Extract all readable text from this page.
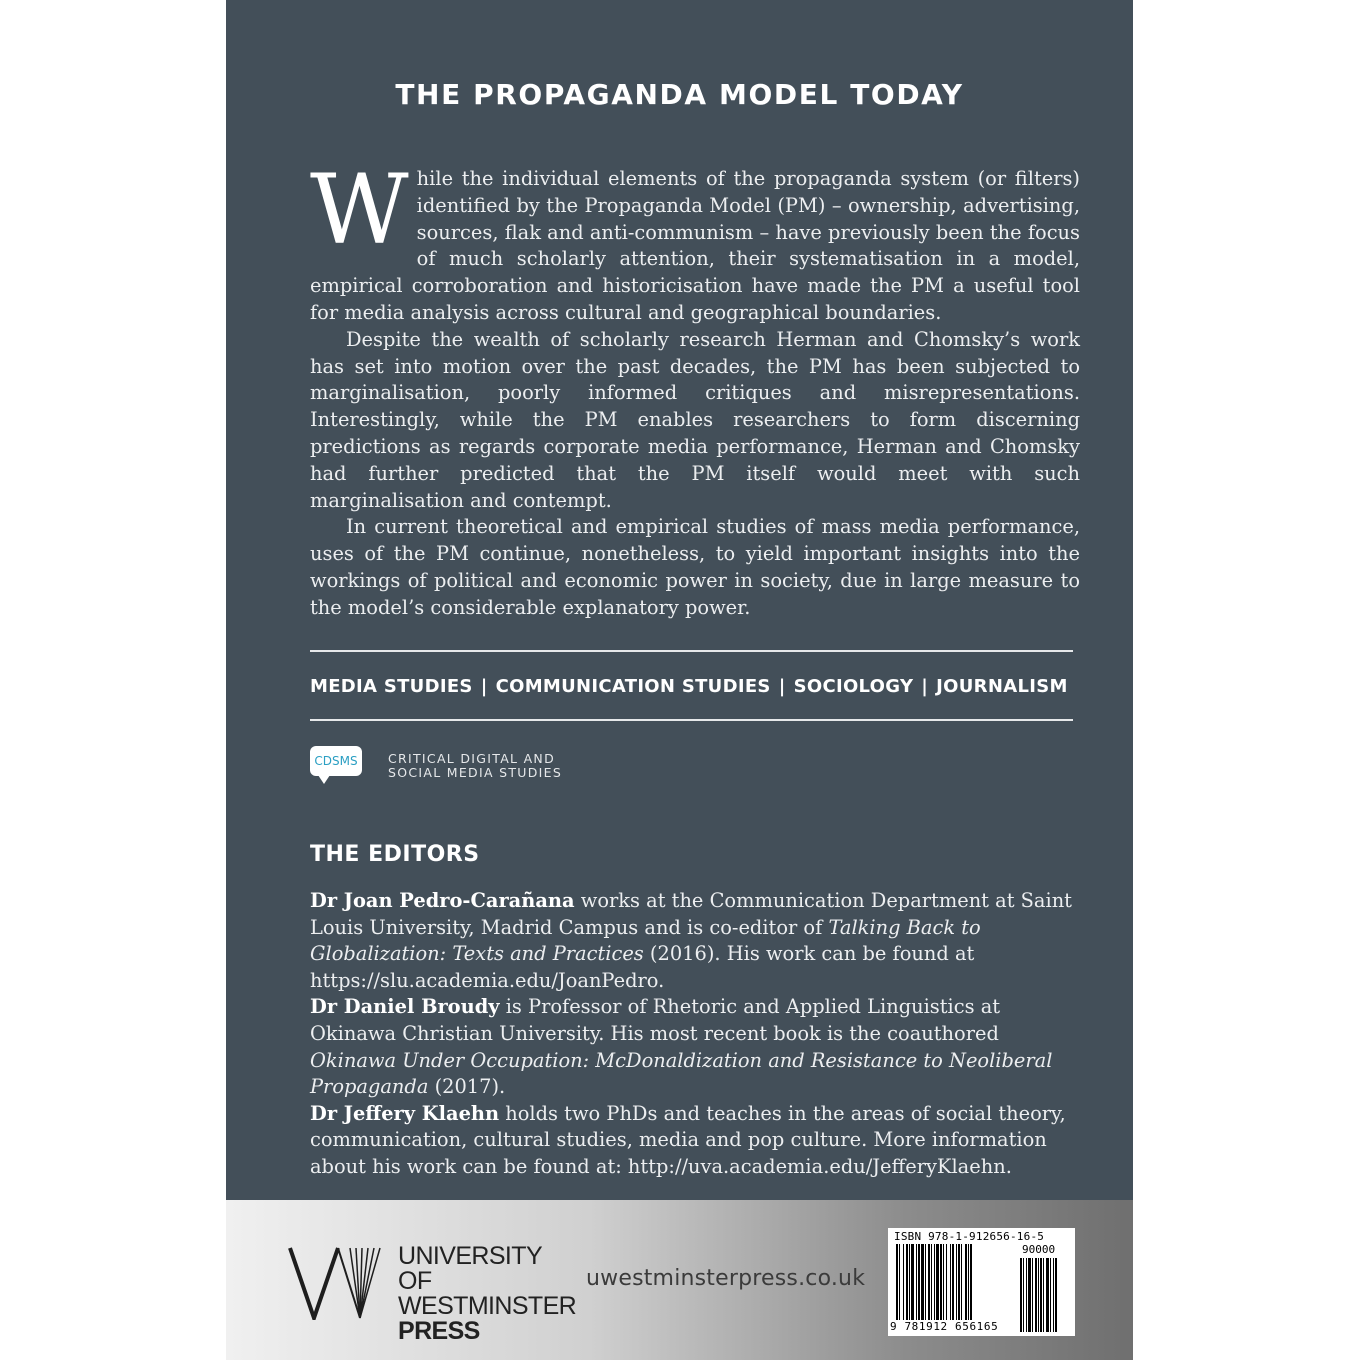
THE PROPAGANDA MODEL TODAY

While the individual elements of the propaganda system (or filters) identified by the Propaganda Model (PM) – ownership, advertising, sources, flak and anti-communism – have previously been the focus of much scholarly attention, their systematisation in a model, empirical corroboration and historicisation have made the PM a useful tool for media analysis across cultural and geographical boundaries.

Despite the wealth of scholarly research Herman and Chomsky’s work has set into motion over the past decades, the PM has been subjected to marginalisation, poorly informed critiques and misrepresentations. Interestingly, while the PM enables researchers to form discerning predictions as regards corporate media performance, Herman and Chomsky had further predicted that the PM itself would meet with such marginalisation and contempt.

In current theoretical and empirical studies of mass media performance, uses of the PM continue, nonetheless, to yield important insights into the workings of political and economic power in society, due in large measure to the model’s considerable explanatory power.

MEDIA STUDIES | COMMUNICATION STUDIES | SOCIOLOGY | JOURNALISM
CDSMS	CRITICAL DIGITAL AND
SOCIAL MEDIA STUDIES
THE EDITORS

Dr Joan Pedro-Carañana works at the Communication Department at Saint Louis University, Madrid Campus and is co-editor of Talking Back to Globalization: Texts and Practices (2016). His work can be found at https://slu.academia.edu/JoanPedro.

Dr Daniel Broudy is Professor of Rhetoric and Applied Linguistics at Okinawa Christian University. His most recent book is the coauthored Okinawa Under Occupation: McDonaldization and Resistance to Neoliberal Propaganda (2017).

Dr Jeffery Klaehn holds two PhDs and teaches in the areas of social theory, communication, cultural studies, media and pop culture. More information about his work can be found at: http://uva.academia.edu/JefferyKlaehn.

UNIVERSITY OF
WESTMINSTER
PRESS
uwestminsterpress.co.uk
ISBN 978-1-912656-16-5
90000
9 781912 656165
